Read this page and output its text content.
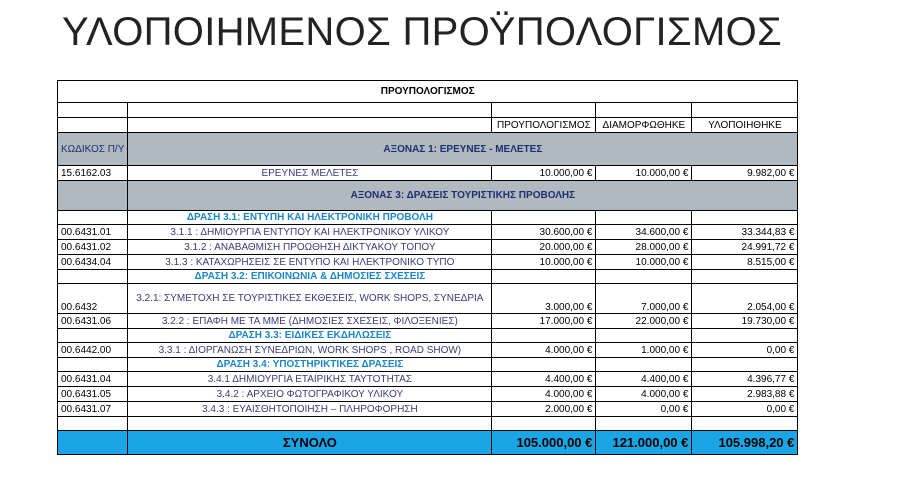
ΥΛΟΠΟΙΗΜΕΝΟΣ ΠΡΟΫΠΟΛΟΓΙΣΜΟΣ
ΠΡΟΥΠΟΛΟΓΙΣΜΟΣ				

		ΠΡΟΥΠΟΛΟΓΙΣΜΟΣ	ΔΙΑΜΟΡΦΩΘΗΚΕ	ΥΛΟΠΟΙΗΘΗΚΕ
ΚΩΔΙΚΟΣ Π/Υ	ΑΞΟΝΑΣ 1: ΕΡΕΥΝΕΣ - ΜΕΛΕΤΕΣ			
15.6162.03	ΕΡΕΥΝΕΣ ΜΕΛΕΤΕΣ	10.000,00 €	10.000,00 €	9.982,00 €
	ΑΞΟΝΑΣ 3: ΔΡΑΣΕΙΣ ΤΟΥΡΙΣΤΙΚΗΣ ΠΡΟΒΟΛΗΣ			
	ΔΡΑΣΗ 3.1: ΕΝΤΥΠΗ ΚΑΙ ΗΛΕΚΤΡΟΝΙΚΗ ΠΡΟΒΟΛΗ			
00.6431.01	3.1.1 : ΔΗΜΙΟΥΡΓΙΑ ΕΝΤΥΠΟΥ ΚΑΙ ΗΛΕΚΤΡΟΝΙΚΟΥ ΥΛΙΚΟΥ	30.600,00 €	34.600,00 €	33.344,83 €
00.6431.02	3.1.2 : ΑΝΑΒΑΘΜΙΣΗ ΠΡΟΩΘΗΣΗ ΔΙΚΤΥΑΚΟΥ ΤΟΠΟΥ	20.000,00 €	28.000,00 €	24.991,72 €
00.6434.04	3.1.3 : ΚΑΤΑΧΩΡΗΣΕΙΣ ΣΕ ΕΝΤΥΠΟ ΚΑΙ ΗΛΕΚΤΡΟΝΙΚΟ ΤΥΠΟ	10.000,00 €	10.000,00 €	8.515,00 €
	ΔΡΑΣΗ 3.2: ΕΠΙΚΟΙΝΩΝΙΑ & ΔΗΜΟΣΙΕΣ ΣΧΕΣΕΙΣ			
00.6432	3.2.1: ΣΥΜΕΤΟΧΗ ΣΕ ΤΟΥΡΙΣΤΙΚΕΣ ΕΚΘΕΣΕΙΣ, WORK SHOPS, ΣΥΝΕΔΡΙΑ	3.000,00 €	7.000,00 €	2.054,00 €
00.6431.06	3.2.2 : ΕΠΑΦΗ ΜΕ ΤΑ ΜΜΕ (ΔΗΜΟΣΙΕΣ ΣΧΕΣΕΙΣ, ΦΙΛΟΞΕΝΙΕΣ)	17.000,00 €	22.000,00 €	19.730,00 €
	ΔΡΑΣΗ 3.3: ΕΙΔΙΚΕΣ ΕΚΔΗΛΩΣΕΙΣ			
00.6442.00	3.3.1 : ΔΙΟΡΓΑΝΩΣΗ ΣΥΝΕΔΡΙΩΝ, WORK SHOPS , ROAD SHOW)	4.000,00 €	1.000,00 €	0,00 €
	ΔΡΑΣΗ 3.4: ΥΠΟΣΤΗΡΙΚΤΙΚΕΣ ΔΡΑΣΕΙΣ			
00.6431.04	3.4.1 ΔΗΜΙΟΥΡΓΙΑ ΕΤΑΙΡΙΚΗΣ ΤΑΥΤΟΤΗΤΑΣ	4.400,00 €	4.400,00 €	4.396,77 €
00.6431.05	3.4.2 : ΑΡΧΕΙΟ ΦΩΤΟΓΡΑΦΙΚΟΥ ΥΛΙΚΟΥ	4.000,00 €	4.000,00 €	2.983,88 €
00.6431.07	3.4.3 : ΕΥΑΙΣΘΗΤΟΠΟΙΗΣΗ – ΠΛΗΡΟΦΟΡΗΣΗ	2.000,00 €	0,00 €	0,00 €

	ΣΥΝΟΛΟ	105.000,00 €	121.000,00 €	105.998,20 €
